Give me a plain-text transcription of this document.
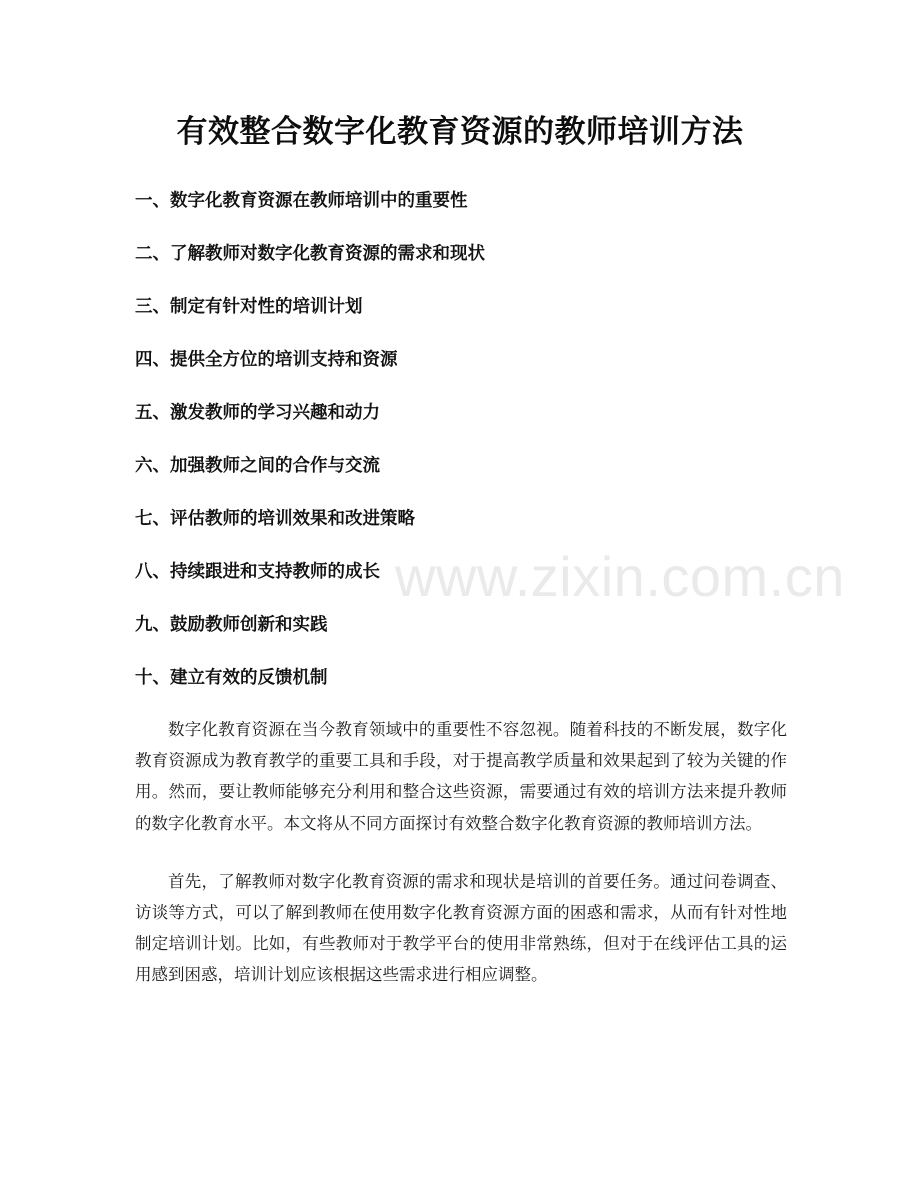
有效整合数字化教育资源的教师培训方法
一、数字化教育资源在教师培训中的重要性
二、了解教师对数字化教育资源的需求和现状
三、制定有针对性的培训计划
四、提供全方位的培训支持和资源
五、激发教师的学习兴趣和动力
六、加强教师之间的合作与交流
七、评估教师的培训效果和改进策略
八、持续跟进和支持教师的成长
九、鼓励教师创新和实践
十、建立有效的反馈机制

数字化教育资源在当今教育领域中的重要性不容忽视。随着科技的不断发展，数字化教育资源成为教育教学的重要工具和手段，对于提高教学质量和效果起到了较为关键的作用。然而，要让教师能够充分利用和整合这些资源，需要通过有效的培训方法来提升教师的数字化教育水平。本文将从不同方面探讨有效整合数字化教育资源的教师培训方法。

首先，了解教师对数字化教育资源的需求和现状是培训的首要任务。通过问卷调查、访谈等方式，可以了解到教师在使用数字化教育资源方面的困惑和需求，从而有针对性地制定培训计划。比如，有些教师对于教学平台的使用非常熟练，但对于在线评估工具的运用感到困惑，培训计划应该根据这些需求进行相应调整。

www.zixin.com.cn
